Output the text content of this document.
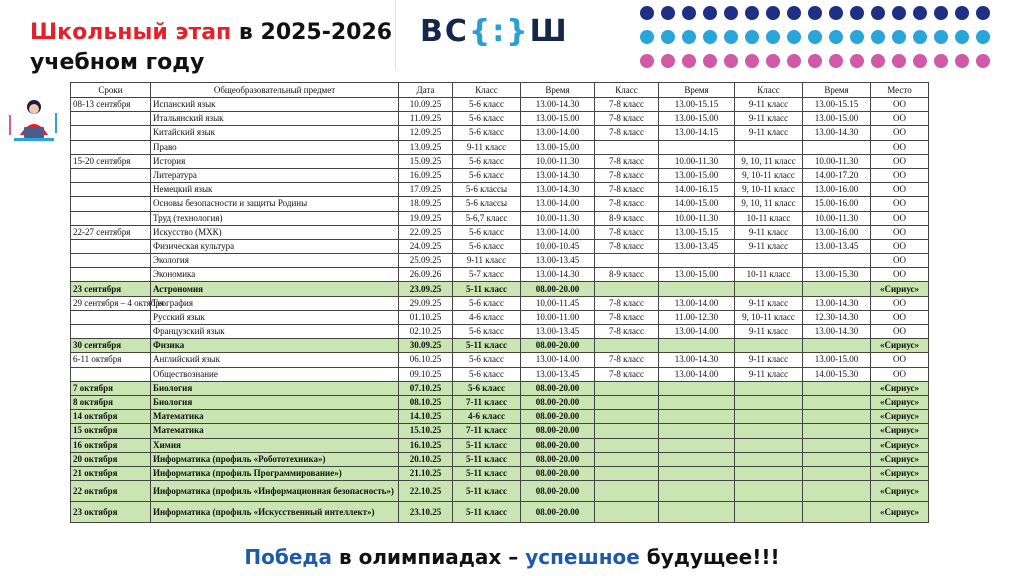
Школьный этап в 2025-2026
учебном году
ВС{:}Ш
Сроки	Общеобразовательный предмет	Дата	Класс	Время	Класс	Время	Класс	Время	Место
08-13 сентября	Испанский язык	10.09.25	5-6 класс	13.00-14.30	7-8 класс	13.00-15.15	9-11 класс	13.00-15.15	ОО
	Итальянский язык	11.09.25	5-6 класс	13.00-15.00	7-8 класс	13.00-15.00	9-11 класс	13.00-15.00	ОО
	Китайский язык	12.09.25	5-6 класс	13.00-14.00	7-8 класс	13.00-14.15	9-11 класс	13.00-14.30	ОО
	Право	13.09.25	9-11 класс	13.00-15.00					ОО
15-20 сентября	История	15.09.25	5-6 класс	10.00-11.30	7-8 класс	10.00-11.30	9, 10, 11 класс	10.00-11.30	ОО
	Литература	16.09.25	5-6 класс	13.00-14.30	7-8 класс	13.00-15.00	9, 10-11 класс	14.00-17.20	ОО
	Немецкий язык	17.09.25	5-6 классы	13.00-14.30	7-8 класс	14.00-16.15	9, 10-11 класс	13.00-16.00	ОО
	Основы безопасности и защиты Родины	18.09.25	5-6 классы	13.00-14.00	7-8 класс	14.00-15.00	9, 10, 11 класс	15.00-16.00	ОО
	Труд (технология)	19.09.25	5-6,7 класс	10.00-11.30	8-9 класс	10.00-11.30	10-11 класс	10.00-11.30	ОО
22-27 сентября	Искусство (МХК)	22.09.25	5-6 класс	13.00-14.00	7-8 класс	13.00-15.15	9-11 класс	13.00-16.00	ОО
	Физическая культура	24.09.25	5-6 класс	10.00-10.45	7-8 класс	13.00-13.45	9-11 класс	13.00-13.45	ОО
	Экология	25.09.25	9-11 класс	13.00-13.45					ОО
	Экономика	26.09.26	5-7 класс	13.00-14.30	8-9 класс	13.00-15.00	10-11 класс	13.00-15.30	ОО
23 сентября	Астрономия	23.09.25	5-11 класс	08.00-20.00					«Сириус»
29 сентября – 4 октября	География	29.09.25	5-6 класс	10.00-11.45	7-8 класс	13.00-14.00	9-11 класс	13.00-14.30	ОО
	Русский язык	01.10.25	4-6 класс	10.00-11.00	7-8 класс	11.00-12.30	9, 10-11 класс	12.30-14.30	ОО
	Французский язык	02.10.25	5-6 класс	13.00-13.45	7-8 класс	13.00-14.00	9-11 класс	13.00-14.30	ОО
30 сентября	Физика	30.09.25	5-11 класс	08.00-20.00					«Сириус»
6-11 октября	Английский язык	06.10.25	5-6 класс	13.00-14.00	7-8 класс	13.00-14.30	9-11 класс	13.00-15.00	ОО
	Обществознание	09.10.25	5-6 класс	13.00-13.45	7-8 класс	13.00-14.00	9-11 класс	14.00-15.30	ОО
7 октября	Биология	07.10.25	5-6 класс	08.00-20.00					«Сириус»
8 октября	Биология	08.10.25	7-11 класс	08.00-20.00					«Сириус»
14 октября	Математика	14.10.25	4-6 класс	08.00-20.00					«Сириус»
15 октября	Математика	15.10.25	7-11 класс	08.00-20.00					«Сириус»
16 октября	Химия	16.10.25	5-11 класс	08.00-20.00					«Сириус»
20 октября	Информатика (профиль «Робототехника»)	20.10.25	5-11 класс	08.00-20.00					«Сириус»
21 октября	Информатика (профиль Программирование»)	21.10.25	5-11 класс	08.00-20.00					«Сириус»
22 октября	Информатика (профиль «Информационная безопасность»)	22.10.25	5-11 класс	08.00-20.00					«Сириус»
23 октября	Информатика (профиль «Искусственный интеллект»)	23.10.25	5-11 класс	08.00-20.00					«Сириус»
Победа в олимпиадах – успешное будущее!!!
